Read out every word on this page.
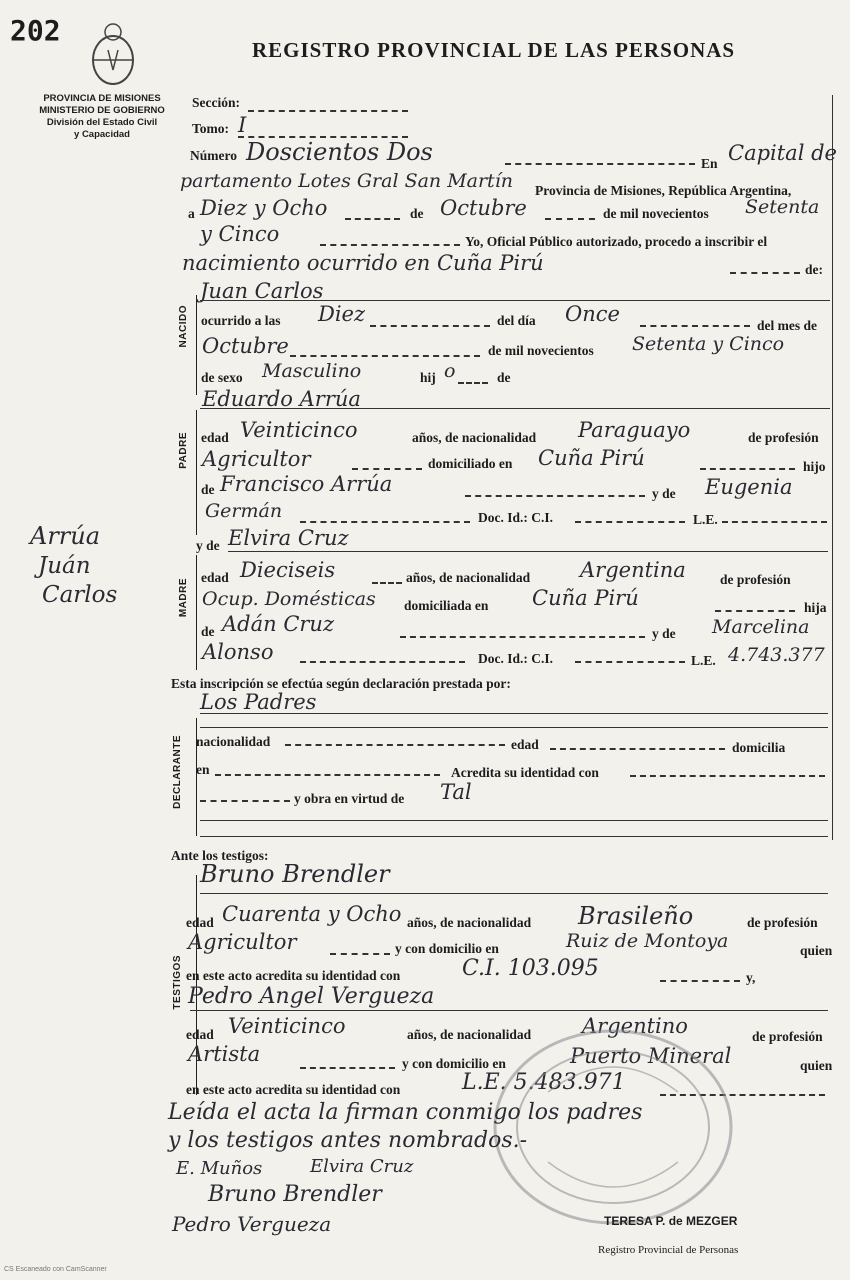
202
REGISTRO PROVINCIAL DE LAS PERSONAS
PROVINCIA DE MISIONES
MINISTERIO DE GOBIERNO
División del Estado Civil
y Capacidad
NACIDO
PADRE
MADRE
DECLARANTE
TESTIGOS
Sección:
Tomo: I
Número Doscientos Dos	En Capital de
partamento Lotes Gral San Martín Provincia de Misiones, República Argentina,
a Diez y Ocho	de Octubre	de mil novecientos Setenta
y Cinco	Yo, Oficial Público autorizado, procedo a inscribir el
nacimiento ocurrido en Cuña Pirú	de:
Juan Carlos
ocurrido a las Diez	del día Once	del mes de
Octubre	de mil novecientos Setenta y Cinco
de sexo Masculino	hij o	de
Eduardo Arrúa
edad Veinticinco	años, de nacionalidad Paraguayo	de profesión
Agricultor	domiciliado en Cuña Pirú	hijo
de Francisco Arrúa	y de Eugenia
Germán	Doc. Id.: C.I.	L.E.
Arrúa
Juán
Carlos
y de Elvira Cruz
edad Dieciseis	años, de nacionalidad Argentina	de profesión
Ocup. Domésticas domiciliada en Cuña Pirú	hija
de Adán Cruz	y de Marcelina
Alonso	Doc. Id.: C.I.	L.E. 4.743.377
Esta inscripción se efectúa según declaración prestada por:
Los Padres
nacionalidad	edad	domicilia
en	Acredita su identidad con
y obra en virtud de Tal
Ante los testigos:
Bruno Brendler
edad Cuarenta y Ocho años, de nacionalidad Brasileño	de profesión
Agricultor	y con domicilio en	Ruiz de Montoya	quien
en este acto acredita su identidad con	C.I. 103.095	y,
Pedro Angel Vergueza
edad Veinticinco	años, de nacionalidad Argentino	de profesión
Artista	y con domicilio en	Puerto Mineral	quien
en este acto acredita su identidad con	L.E. 5.483.971
Leída el acta la firman conmigo los padres
y los testigos antes nombrados.-
E. Muños	Elvira Cruz
Bruno Brendler
Pedro Vergueza	TERESA P. de MEZGER
Registro Provincial de Personas
CS Escaneado con CamScanner
